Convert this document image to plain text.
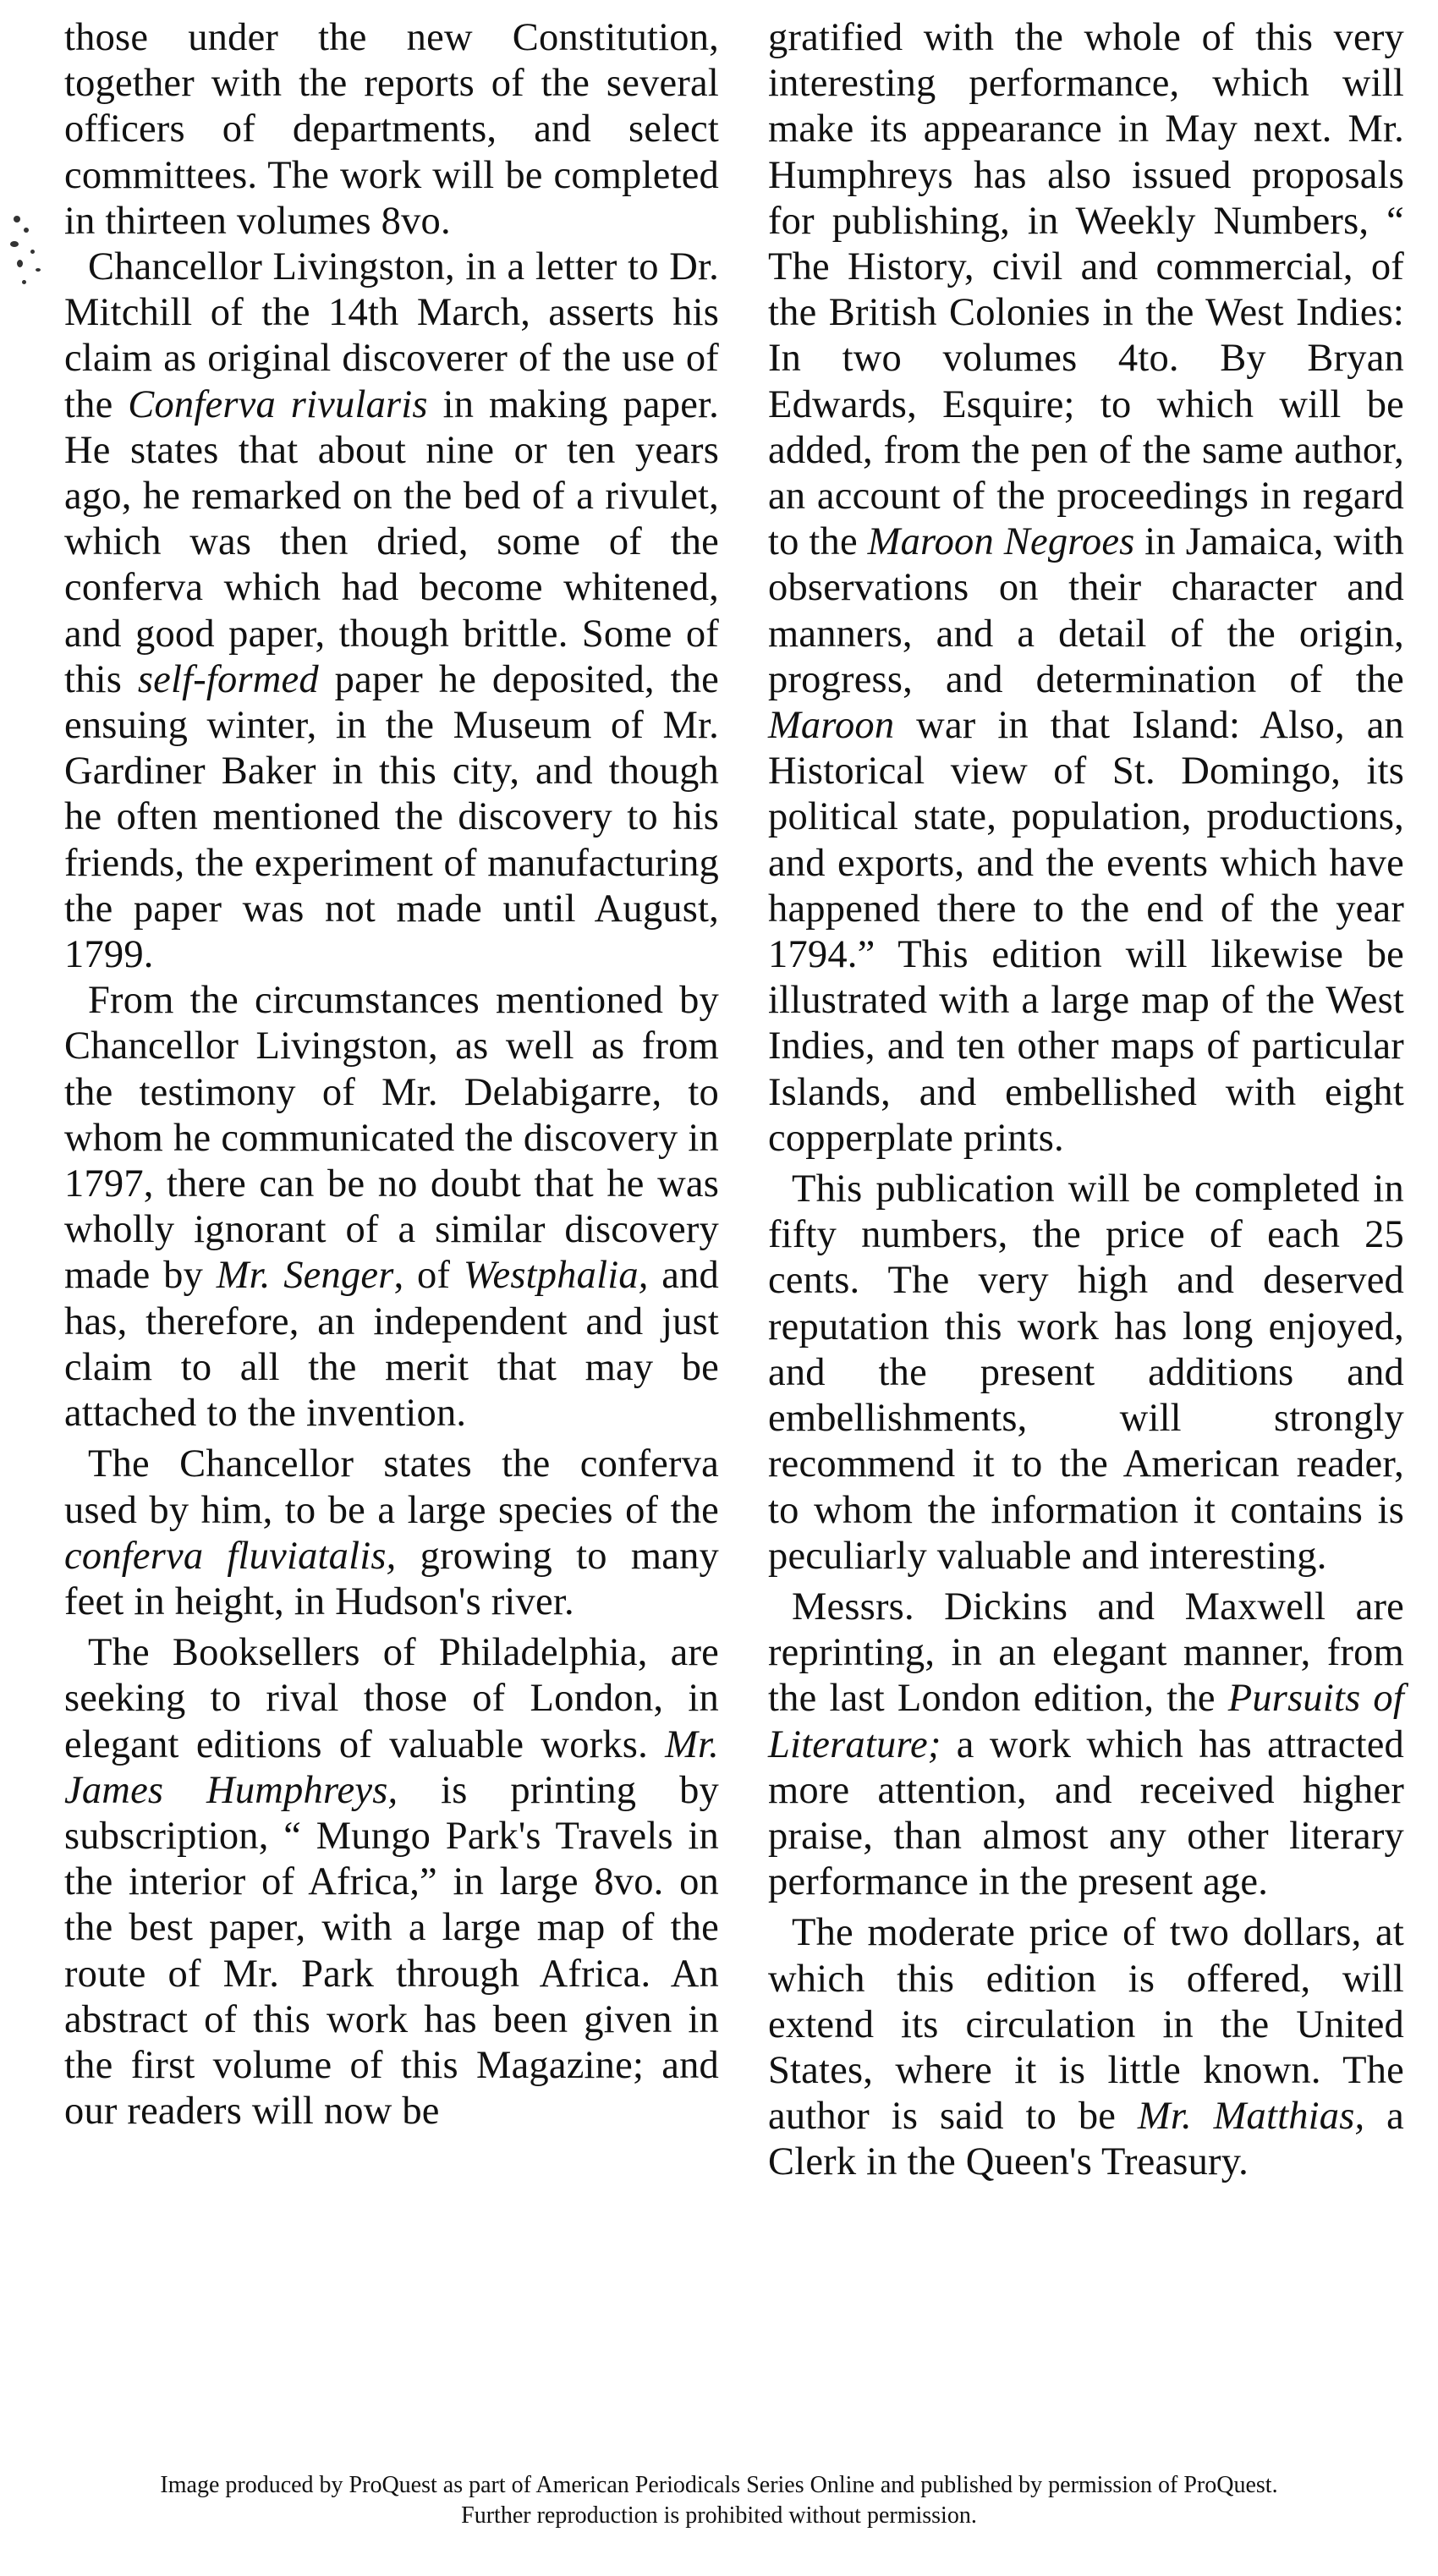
those under the new Constitution, together with the reports of the several officers of departments, and select committees. The work will be completed in thirteen volumes 8vo.

Chancellor Livingston, in a letter to Dr. Mitchill of the 14th March, asserts his claim as original discoverer of the use of the Conferva rivularis in making paper. He states that about nine or ten years ago, he remarked on the bed of a rivulet, which was then dried, some of the conferva which had become whitened, and good paper, though brittle. Some of this self-formed paper he deposited, the ensuing winter, in the Museum of Mr. Gardiner Baker in this city, and though he often mentioned the discovery to his friends, the experiment of manufacturing the paper was not made until August, 1799.

From the circumstances mentioned by Chancellor Livingston, as well as from the testimony of Mr. Delabigarre, to whom he communicated the discovery in 1797, there can be no doubt that he was wholly ignorant of a similar discovery made by Mr. Senger, of Westphalia, and has, therefore, an independent and just claim to all the merit that may be attached to the invention.

The Chancellor states the conferva used by him, to be a large species of the conferva fluviatalis, growing to many feet in height, in Hudson's river.

The Booksellers of Philadelphia, are seeking to rival those of London, in elegant editions of valuable works. Mr. James Humphreys, is printing by subscription, “ Mungo Park's Travels in the interior of Africa,” in large 8vo. on the best paper, with a large map of the route of Mr. Park through Africa. An abstract of this work has been given in the first volume of this Magazine; and our readers will now be

gratified with the whole of this very interesting performance, which will make its appearance in May next. Mr. Humphreys has also issued proposals for publishing, in Weekly Numbers, “ The History, civil and commercial, of the British Colonies in the West Indies: In two volumes 4to. By Bryan Edwards, Esquire; to which will be added, from the pen of the same author, an account of the proceedings in regard to the Maroon Negroes in Jamaica, with observations on their character and manners, and a detail of the origin, progress, and determination of the Maroon war in that Island: Also, an Historical view of St. Domingo, its political state, population, productions, and exports, and the events which have happened there to the end of the year 1794.” This edition will likewise be illustrated with a large map of the West Indies, and ten other maps of particular Islands, and embellished with eight copperplate prints.

This publication will be completed in fifty numbers, the price of each 25 cents. The very high and deserved reputation this work has long enjoyed, and the present additions and embellishments, will strongly recommend it to the American reader, to whom the information it contains is peculiarly valuable and interesting.

Messrs. Dickins and Maxwell are reprinting, in an elegant manner, from the last London edition, the Pursuits of Literature; a work which has attracted more attention, and received higher praise, than almost any other literary performance in the present age.

The moderate price of two dollars, at which this edition is offered, will extend its circulation in the United States, where it is little known. The author is said to be Mr. Matthias, a Clerk in the Queen's Treasury.

Image produced by ProQuest as part of American Periodicals Series Online and published by permission of ProQuest.
Further reproduction is prohibited without permission.
